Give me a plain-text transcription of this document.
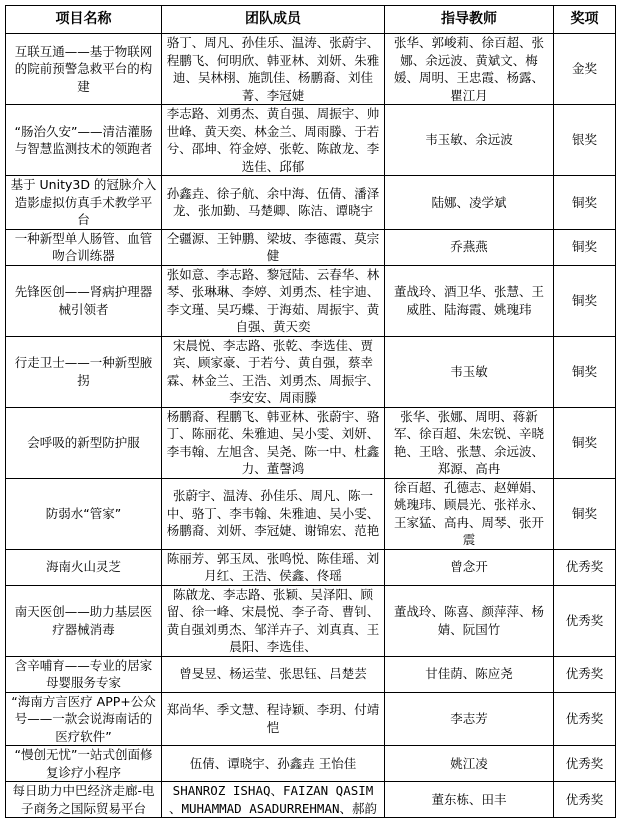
项目名称	团队成员	指导教师	奖项
互联互通——基于物联网的院前预警急救平台的构建	骆丁、周凡、孙佳乐、温涛、张蔚宇、程鹏飞、何明欣、韩亚林、刘妍、朱雅迪、吴林栩、施凯佳、杨鹏裔、刘佳菁、李冠婕	张华、郭峻莉、徐百超、张娜、余远波、黄斌文、梅媛、周明、王忠霞、杨露、瞿江月	金奖
“肠治久安”——清洁灌肠与智慧监测技术的领跑者	李志路、刘勇杰、黄自强、周振宇、帅世峰、黄天奕、林金兰、周雨滕、于若兮、邵坤、符金婷、张乾、陈啟龙、李选佳、邱郁	韦玉敏、余远波	银奖
基于 Unity3D 的冠脉介入造影虚拟仿真手术教学平台	孙鑫垚、徐子航、余中海、伍倩、潘泽龙、张加勤、马楚卿、陈洁、谭晓宇	陆娜、凌学斌	铜奖
一种新型单人肠管、血管吻合训练器	仝疆源、王钟鹏、梁坡、李德霞、莫宗健	乔燕燕	铜奖
先锋医创——肾病护理器械引领者	张如意、李志路、黎冠陆、云春华、林琴、张琳琳、李婷、刘勇杰、桂宇迪、李文瑾、吴巧蝶、于海茹、周振宇、黄自强、黄天奕	董战玲、酒卫华、张慧、王威胜、陆海霞、姚瑰玮	铜奖
行走卫士——一种新型腋拐	宋晨悦、李志路、张乾、李选佳、贾宾、顾家豪、于若兮、黄自强，蔡幸霖、林金兰、王浩、刘勇杰、周振宇、李安安、周雨滕	韦玉敏	铜奖
会呼吸的新型防护服	杨鹏裔、程鹏飞、韩亚林、张蔚宇、骆丁、陈丽花、朱雅迪、吴小雯、刘妍、李韦翰、左旭含、吴尧、陈一中、杜鑫力、董謦鸿	张华、张娜、周明、蒋新军、徐百超、朱宏锐、辛晓艳、王晗、张慧、余远波、郑源、高冉	铜奖
防弱水“管家”	张蔚宇、温涛、孙佳乐、周凡、陈一中、骆丁、李韦翰、朱雅迪、吴小雯、杨鹏裔、刘妍、李冠婕、谢锦宏、范艳	徐百超、孔德志、赵婵娟、姚瑰玮、顾晨光、张祥永、王家猛、高冉、周琴、张开震	铜奖
海南火山灵芝	陈丽芳、郭玉凤、张鸣悦、陈佳瑶、刘月红、王浩、侯鑫、佟瑶	曾念开	优秀奖
南天医创——助力基层医疗器械消毒	陈啟龙、李志路、张颖、吴泽阳、顾留、徐一峰、宋晨悦、李子奇、曹钊、黄自强刘勇杰、邹洋卉子、刘真真、王晨阳、李选佳、	董战玲、陈喜、颜萍萍、杨婧、阮国竹	优秀奖
含辛哺育——专业的居家母婴服务专家	曾旻昱、杨运莹、张思钰、吕楚芸	甘佳荫、陈应尧	优秀奖
“海南方言医疗 APP+公众号——一款会说海南话的医疗软件”	郑尚华、季文慧、程诗颖、李玥、付靖恺	李志芳	优秀奖
“慢创无忧”一站式创面修复诊疗小程序	伍倩、谭晓宇、孙鑫垚 王怡佳	姚江凌	优秀奖
每日助力中巴经济走廊-电子商务之国际贸易平台	SHANROZ ISHAQ、FAIZAN QASIM 、MUHAMMAD ASADURREHMAN、郝韵	董东栋、田丰	优秀奖
